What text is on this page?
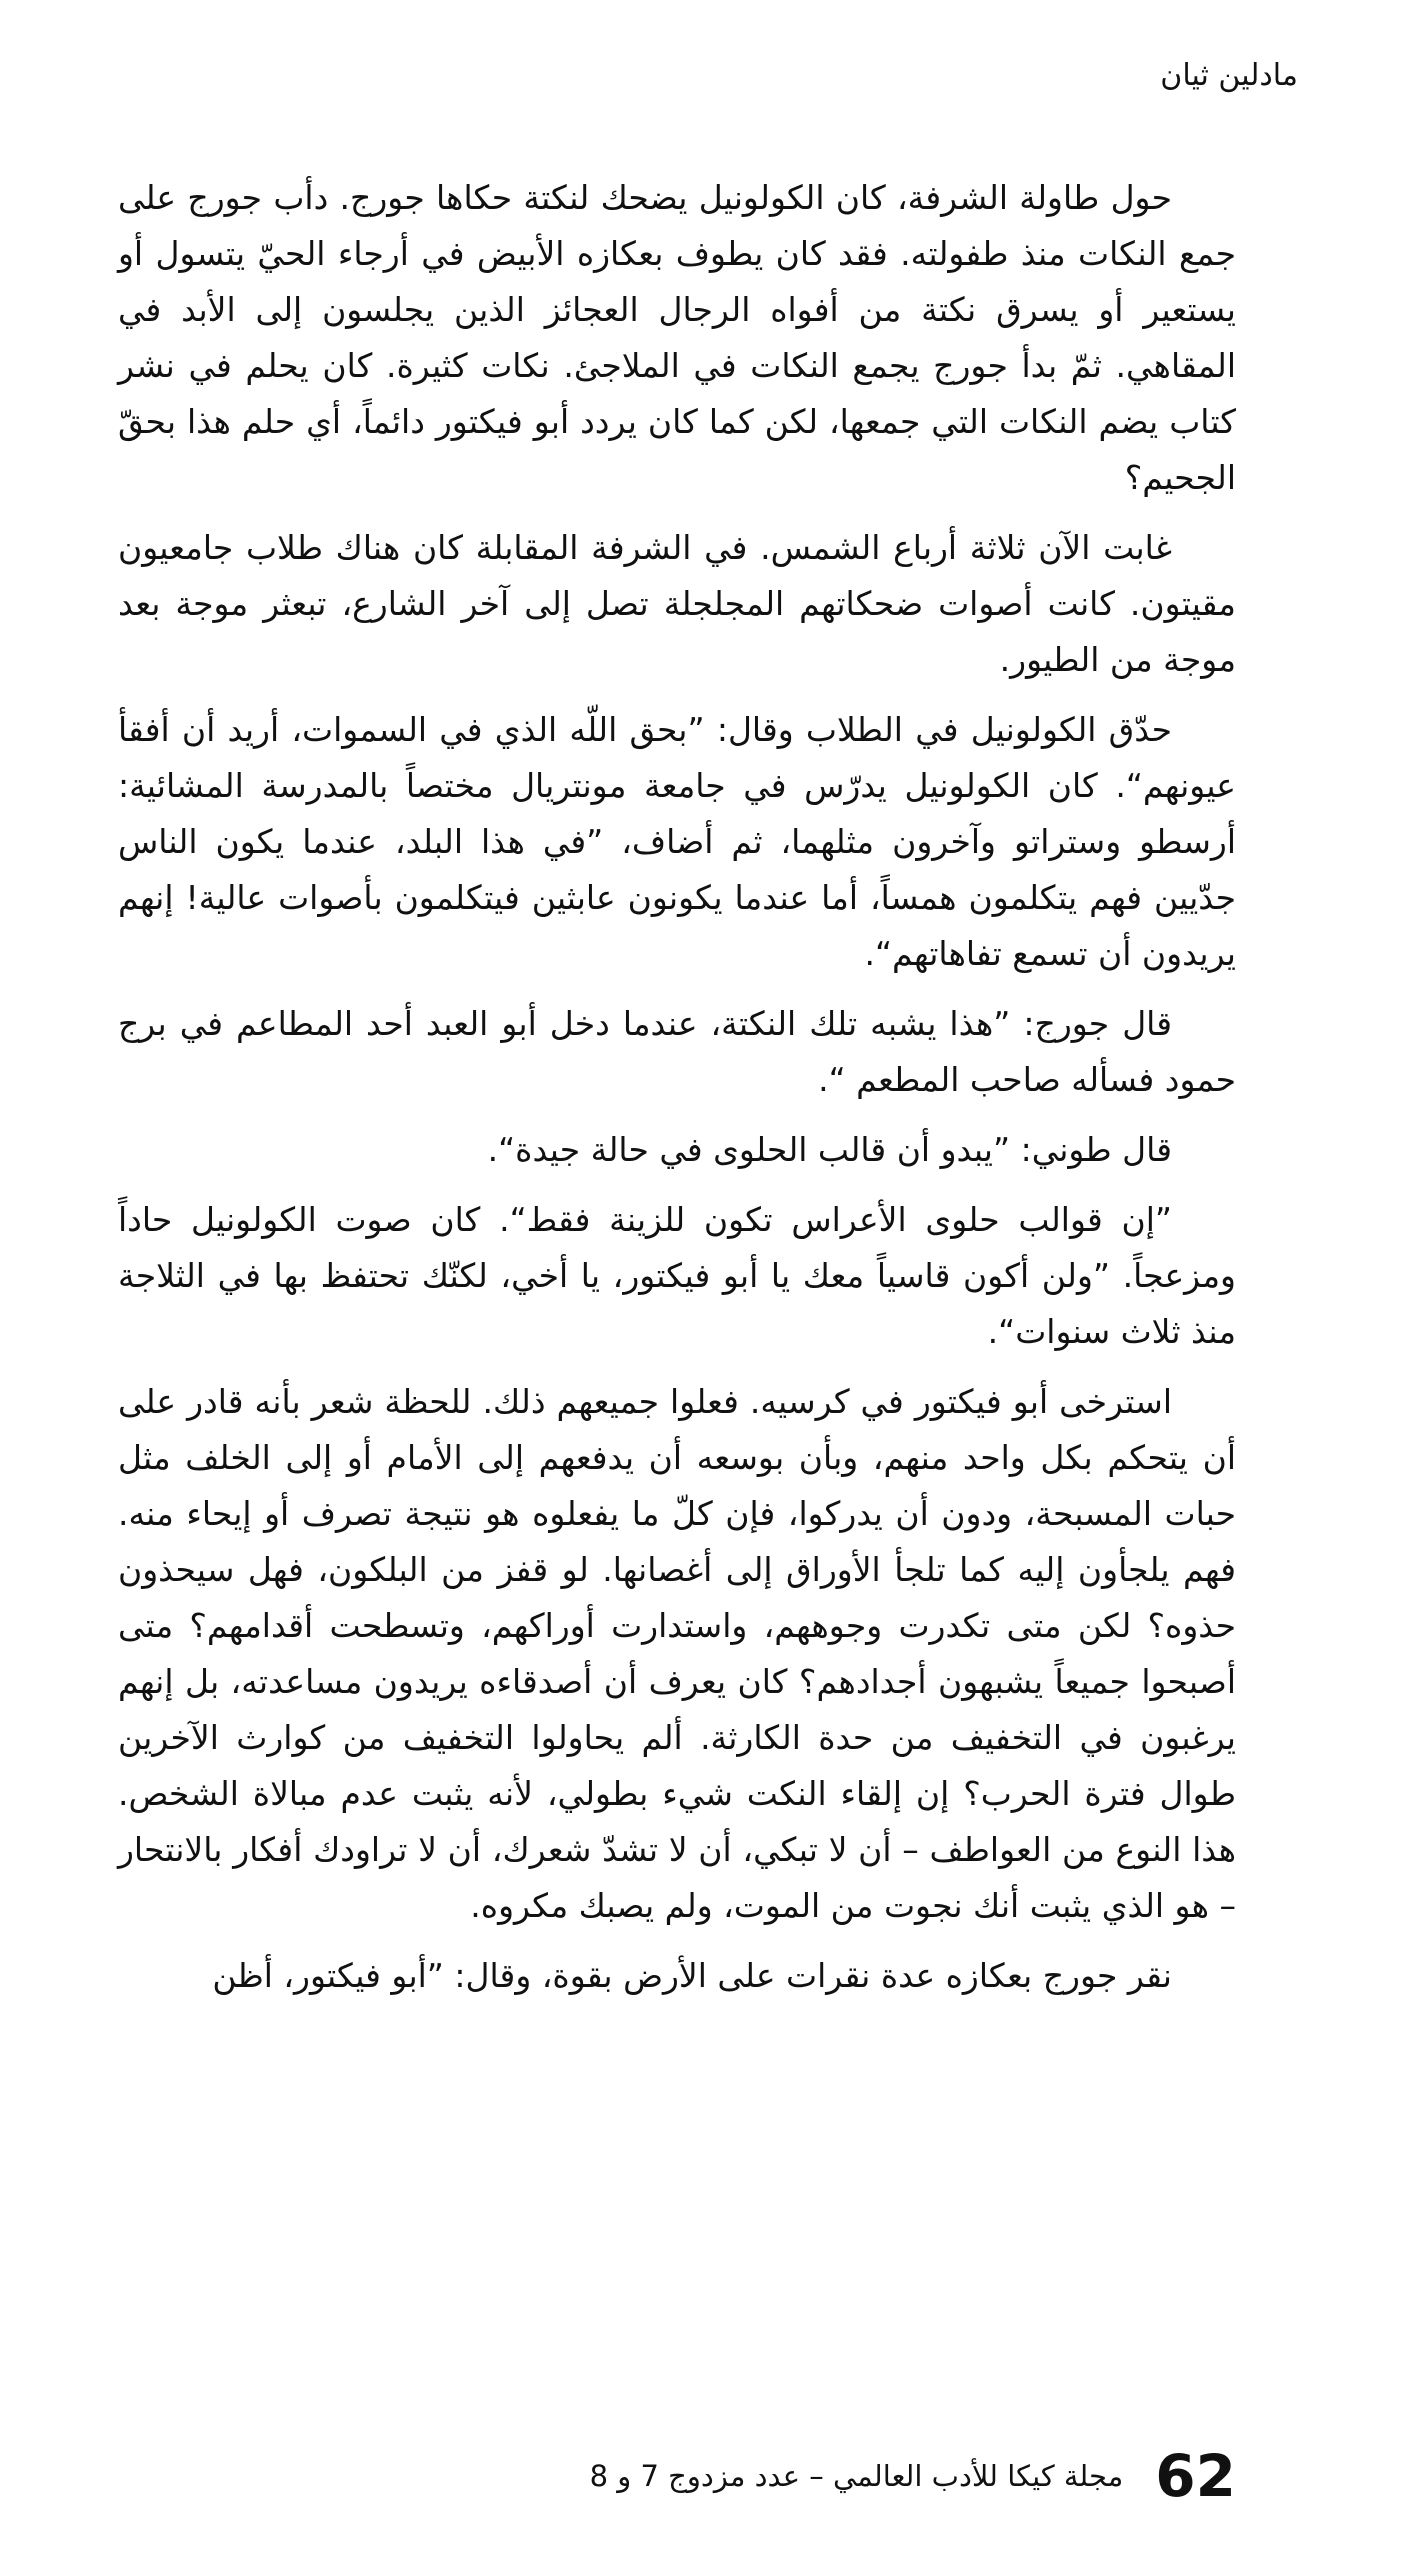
مادلين ثيان

حول طاولة الشرفة، كان الكولونيل يضحك لنكتة حكاها جورج. دأب جورج على جمع النكات منذ طفولته. فقد كان يطوف بعكازه الأبيض في أرجاء الحيّ يتسول أو يستعير أو يسرق نكتة من أفواه الرجال العجائز الذين يجلسون إلى الأبد في المقاهي. ثمّ بدأ جورج يجمع النكات في الملاجئ. نكات كثيرة. كان يحلم في نشر كتاب يضم النكات التي جمعها، لكن كما كان يردد أبو فيكتور دائماً، أي حلم هذا بحقّ الجحيم؟

غابت الآن ثلاثة أرباع الشمس. في الشرفة المقابلة كان هناك طلاب جامعيون مقيتون. كانت أصوات ضحكاتهم المجلجلة تصل إلى آخر الشارع، تبعثر موجة بعد موجة من الطيور.

حدّق الكولونيل في الطلاب وقال: ”بحق اللّه الذي في السموات، أريد أن أفقأ عيونهم“. كان الكولونيل يدرّس في جامعة مونتريال مختصاً بالمدرسة المشائية: أرسطو وستراتو وآخرون مثلهما، ثم أضاف، ”في هذا البلد، عندما يكون الناس جدّيين فهم يتكلمون همساً، أما عندما يكونون عابثين فيتكلمون بأصوات عالية! إنهم يريدون أن تسمع تفاهاتهم“.

قال جورج: ”هذا يشبه تلك النكتة، عندما دخل أبو العبد أحد المطاعم في برج حمود فسأله صاحب المطعم “.

قال طوني: ”يبدو أن قالب الحلوى في حالة جيدة“.

”إن قوالب حلوى الأعراس تكون للزينة فقط“. كان صوت الكولونيل حاداً ومزعجاً. ”ولن أكون قاسياً معك يا أبو فيكتور، يا أخي، لكنّك تحتفظ بها في الثلاجة منذ ثلاث سنوات“.

استرخى أبو فيكتور في كرسيه. فعلوا جميعهم ذلك. للحظة شعر بأنه قادر على أن يتحكم بكل واحد منهم، وبأن بوسعه أن يدفعهم إلى الأمام أو إلى الخلف مثل حبات المسبحة، ودون أن يدركوا، فإن كلّ ما يفعلوه هو نتيجة تصرف أو إيحاء منه. فهم يلجأون إليه كما تلجأ الأوراق إلى أغصانها. لو قفز من البلكون، فهل سيحذون حذوه؟ لكن متى تكدرت وجوههم، واستدارت أوراكهم، وتسطحت أقدامهم؟ متى أصبحوا جميعاً يشبهون أجدادهم؟ كان يعرف أن أصدقاءه يريدون مساعدته، بل إنهم يرغبون في التخفيف من حدة الكارثة. ألم يحاولوا التخفيف من كوارث الآخرين طوال فترة الحرب؟ إن إلقاء النكت شيء بطولي، لأنه يثبت عدم مبالاة الشخص. هذا النوع من العواطف – أن لا تبكي، أن لا تشدّ شعرك، أن لا تراودك أفكار بالانتحار – هو الذي يثبت أنك نجوت من الموت، ولم يصبك مكروه.

نقر جورج بعكازه عدة نقرات على الأرض بقوة، وقال: ”أبو فيكتور، أظن

62
مجلة كيكا للأدب العالمي – عدد مزدوج 7 و 8
